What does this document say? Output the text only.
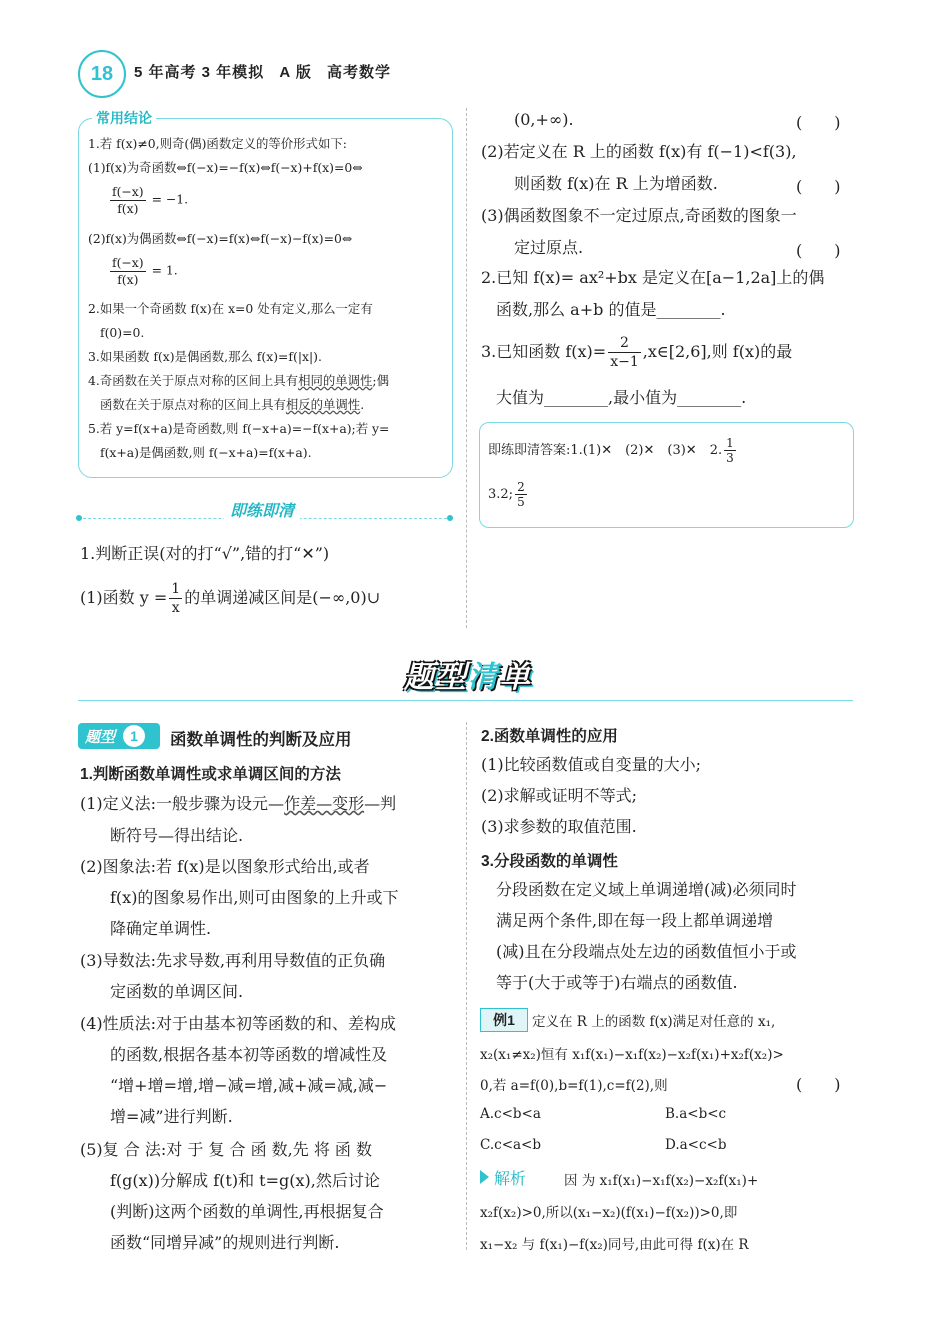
18	5 年高考 3 年模拟 A 版 高考数学
常用结论
1.若 f(x)≠0,则奇(偶)函数定义的等价形式如下:
(1)f(x)为奇函数⇔f(−x)=−f(x)⇔f(−x)+f(x)=0⇔
$\frac{f(-x)}{f(x)} = -1$.
(2)f(x)为偶函数⇔f(−x)=f(x)⇔f(−x)−f(x)=0⇔
$\frac{f(-x)}{f(x)} = 1$.
2.如果一个奇函数 f(x)在 x=0 处有定义,那么一定有
f(0)=0.
3.如果函数 f(x)是偶函数,那么 f(x)=f(|x|).
4.奇函数在关于原点对称的区间上具有相同的单调性;偶
函数在关于原点对称的区间上具有相反的单调性.
5.若 y=f(x+a)是奇函数,则 f(−x+a)=−f(x+a);若 y=
f(x+a)是偶函数,则 f(−x+a)=f(x+a).
即练即清
1.判断正误(对的打“√”,错的打“✕”)
(1)函数 $y = \frac{1}{x}$ 的单调递减区间是(−∞,0)∪
(0,+∞).	(　　)
(2)若定义在 R 上的函数 f(x)有 f(−1)<f(3),
则函数 f(x)在 R 上为增函数.	(　　)
(3)偶函数图象不一定过原点,奇函数的图象一
定过原点.	(　　)
2.已知 f(x)= ax²+bx 是定义在[a−1,2a]上的偶
函数,那么 a+b 的值是________.
3.已知函数 $f(x)= \frac{2}{x-1}$ ,x∈[2,6],则 f(x)的最
大值为________,最小值为________.
即练即清答案:1.(1)✕　(2)✕　(3)✕　2. $\frac{1}{3}$
3.2; $\frac{2}{5}$
题型清单
题型	1	函数单调性的判断及应用
1.判断函数单调性或求单调区间的方法
(1)定义法:一般步骤为设元—作差—变形—判
断符号—得出结论.
(2)图象法:若 f(x)是以图象形式给出,或者
f(x)的图象易作出,则可由图象的上升或下
降确定单调性.
(3)导数法:先求导数,再利用导数值的正负确
定函数的单调区间.
(4)性质法:对于由基本初等函数的和、差构成
的函数,根据各基本初等函数的增减性及
“增+增=增,增−减=增,减+减=减,减−
增=减”进行判断.
(5)复 合 法:对 于 复 合 函 数,先 将 函 数
f(g(x))分解成 f(t)和 t=g(x),然后讨论
(判断)这两个函数的单调性,再根据复合
函数“同增异减”的规则进行判断.
2.函数单调性的应用
(1)比较函数值或自变量的大小;
(2)求解或证明不等式;
(3)求参数的取值范围.
3.分段函数的单调性
分段函数在定义域上单调递增(减)必须同时
满足两个条件,即在每一段上都单调递增
(减)且在分段端点处左边的函数值恒小于或
等于(大于或等于)右端点的函数值.
例1	定义在 R 上的函数 f(x)满足对任意的 x₁,
x₂(x₁≠x₂)恒有 x₁f(x₁)−x₁f(x₂)−x₂f(x₁)+x₂f(x₂)>
0,若 a=f(0),b=f(1),c=f(2),则	(　　)
A.c<b<a	B.a<b<c
C.c<a<b	D.a<c<b
解析	因 为 x₁f(x₁)−x₁f(x₂)−x₂f(x₁)+
x₂f(x₂)>0,所以(x₁−x₂)(f(x₁)−f(x₂))>0,即
x₁−x₂ 与 f(x₁)−f(x₂)同号,由此可得 f(x)在 R
